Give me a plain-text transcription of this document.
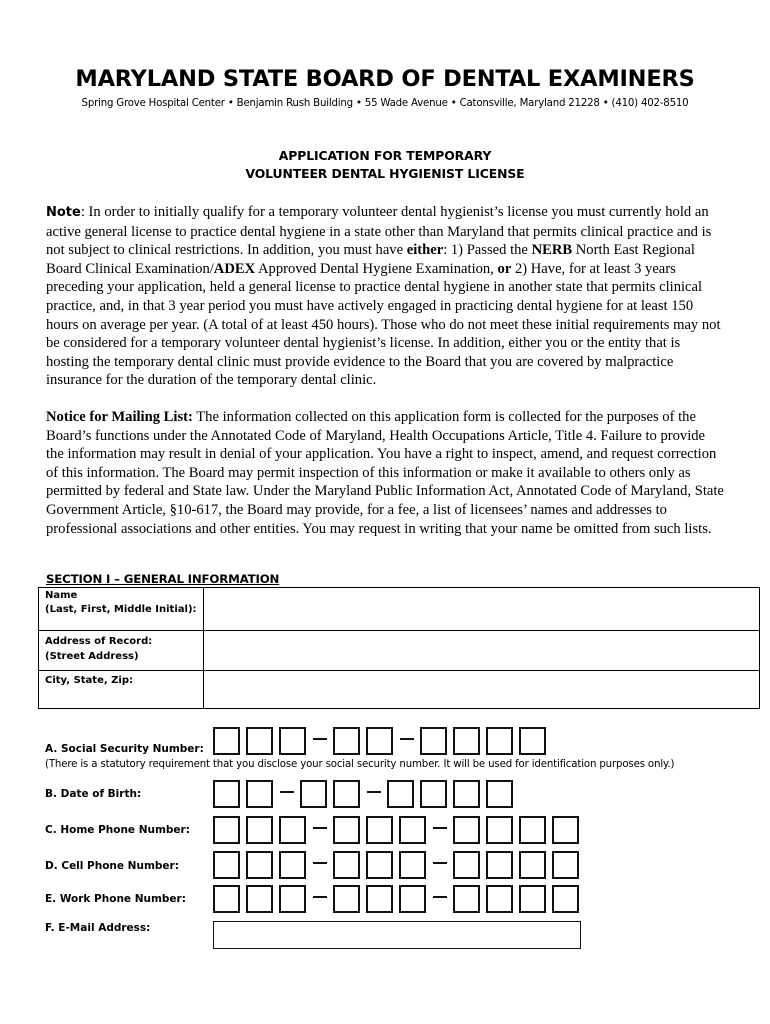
MARYLAND STATE BOARD OF DENTAL EXAMINERS
Spring Grove Hospital Center • Benjamin Rush Building • 55 Wade Avenue • Catonsville, Maryland 21228 • (410) 402-8510
APPLICATION FOR TEMPORARY
VOLUNTEER DENTAL HYGIENIST LICENSE
Note: In order to initially qualify for a temporary volunteer dental hygienist’s license you must currently hold an active general license to practice dental hygiene in a state other than Maryland that permits clinical practice and is not subject to clinical restrictions. In addition, you must have either: 1) Passed the NERB North East Regional Board Clinical Examination/ADEX Approved Dental Hygiene Examination, or 2) Have, for at least 3 years preceding your application, held a general license to practice dental hygiene in another state that permits clinical practice, and, in that 3 year period you must have actively engaged in practicing dental hygiene for at least 150 hours on average per year. (A total of at least 450 hours). Those who do not meet these initial requirements may not be considered for a temporary volunteer dental hygienist’s license. In addition, either you or the entity that is hosting the temporary dental clinic must provide evidence to the Board that you are covered by malpractice insurance for the duration of the temporary dental clinic.
Notice for Mailing List: The information collected on this application form is collected for the purposes of the Board’s functions under the Annotated Code of Maryland, Health Occupations Article, Title 4. Failure to provide the information may result in denial of your application. You have a right to inspect, amend, and request correction of this information. The Board may permit inspection of this information or make it available to others only as permitted by federal and State law. Under the Maryland Public Information Act, Annotated Code of Maryland, State Government Article, §10-617, the Board may provide, for a fee, a list of licensees’ names and addresses to professional associations and other entities. You may request in writing that your name be omitted from such lists.
SECTION I – GENERAL INFORMATION
Name
(Last, First, Middle Initial):
Address of Record:
(Street Address)
City, State, Zip:
A. Social Security Number:
(There is a statutory requirement that you disclose your social security number. It will be used for identification purposes only.)
B. Date of Birth:
C. Home Phone Number:
D. Cell Phone Number:
E. Work Phone Number:
F. E-Mail Address:
